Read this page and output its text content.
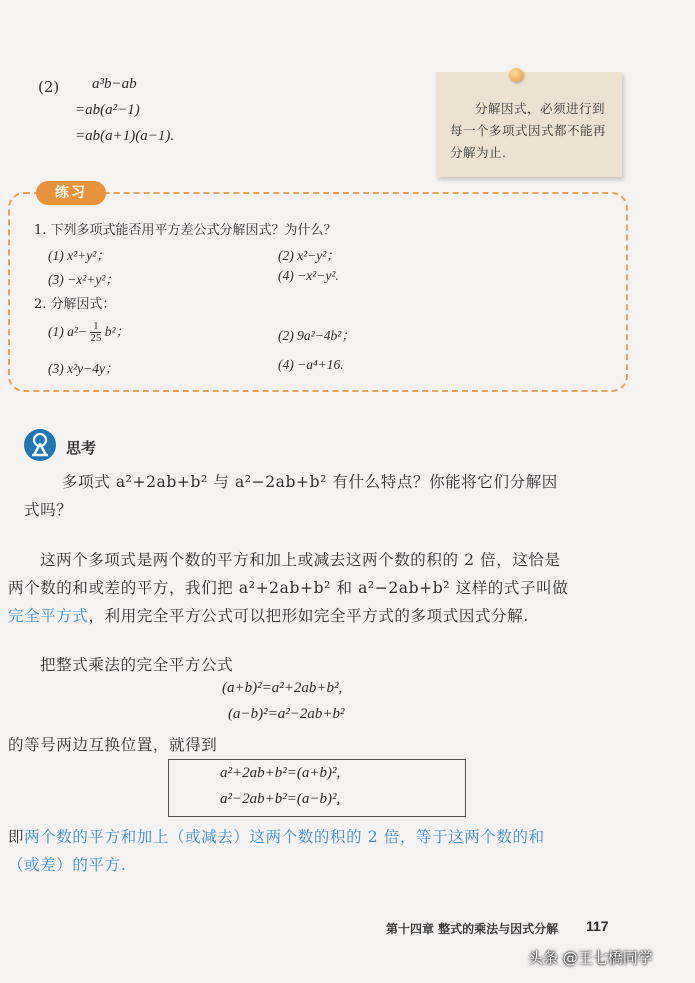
(2) a³b−ab
=ab(a²−1)
=ab(a+1)(a−1).
分解因式，必须进行到每一个多项式因式都不能再分解为止.
练习
1. 下列多项式能否用平方差公式分解因式？为什么？
(1) x²+y²；	(2) x²−y²；
(3) −x²+y²；	(4) −x²−y².
2. 分解因式：
(1) $a^2- \frac{1}{25} b^2$；	(2) 9a²−4b²；
(3) x²y−4y；	(4) −a⁴+16.
思考
多项式 a²+2ab+b² 与 a²−2ab+b² 有什么特点？你能将它们分解因
式吗？
这两个多项式是两个数的平方和加上或减去这两个数的积的 2 倍，这恰是
两个数的和或差的平方，我们把 a²+2ab+b² 和 a²−2ab+b² 这样的式子叫做
完全平方式，利用完全平方公式可以把形如完全平方式的多项式因式分解.
把整式乘法的完全平方公式
(a+b)²=a²+2ab+b²,
(a−b)²=a²−2ab+b²
的等号两边互换位置，就得到
a²+2ab+b²=(a+b)²,
a²−2ab+b²=(a−b)²,
即两个数的平方和加上（或减去）这两个数的积的 2 倍，等于这两个数的和
（或差）的平方.
第十四章 整式的乘法与因式分解 117
头条 @王七橋同学
